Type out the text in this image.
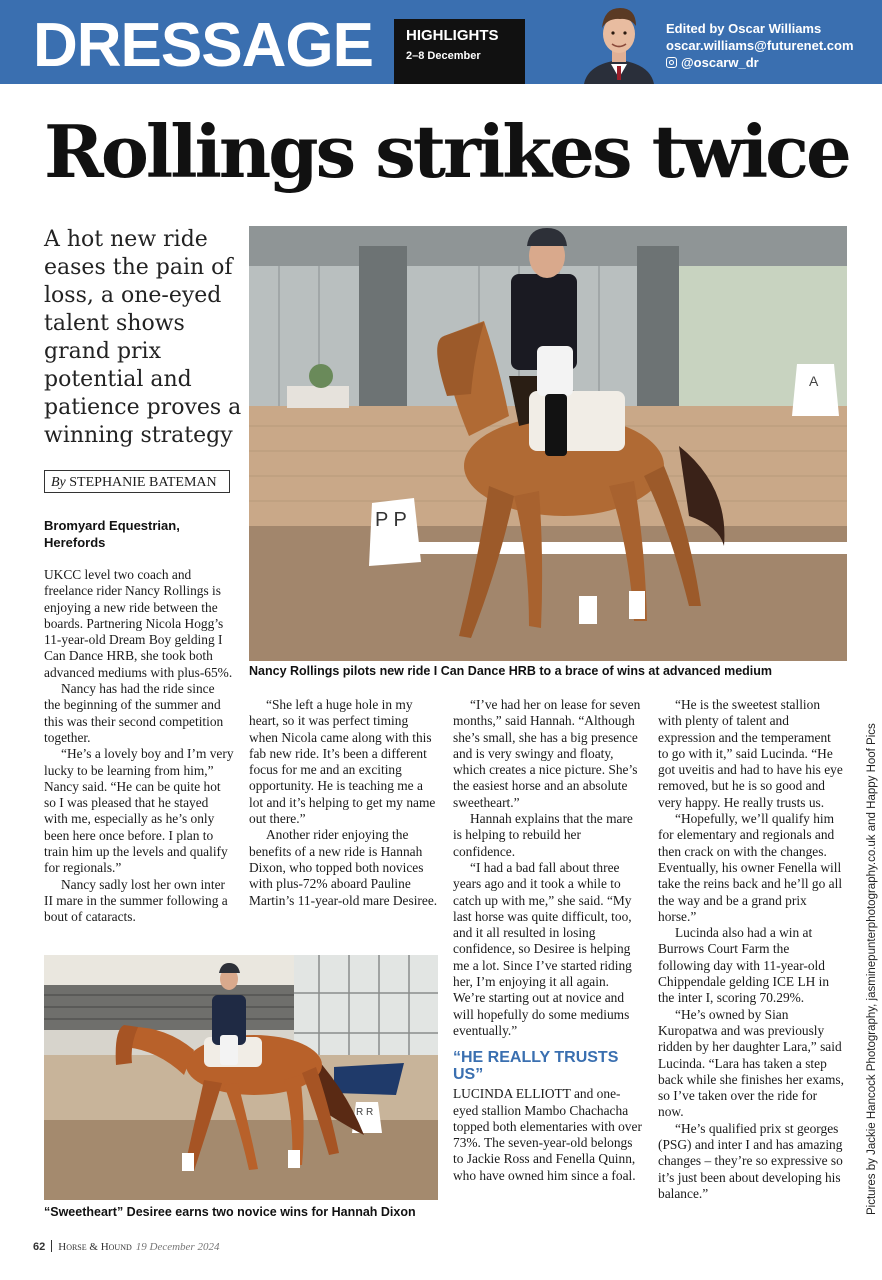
DRESSAGE HIGHLIGHTS
2–8 December
Edited by Oscar Williams
oscar.williams@futurenet.com
@oscarw_dr
Rollings strikes twice
A hot new ride eases the pain of loss, a one-eyed talent shows grand prix potential and patience proves a winning strategy
By STEPHANIE BATEMAN
Bromyard Equestrian, Herefords
P P
A
Nancy Rollings pilots new ride I Can Dance HRB to a brace of wins at advanced medium

UKCC level two coach and freelance rider Nancy Rollings is enjoying a new ride between the boards. Partnering Nicola Hogg’s 11-year-old Dream Boy gelding I Can Dance HRB, she took both advanced mediums with plus-65%.

Nancy has had the ride since the beginning of the summer and this was their second competition together.

“He’s a lovely boy and I’m very lucky to be learning from him,” Nancy said. “He can be quite hot so I was pleased that he stayed with me, especially as he’s only been here once before. I plan to train him up the levels and qualify for regionals.”

Nancy sadly lost her own inter II mare in the summer following a bout of cataracts.

“She left a huge hole in my heart, so it was perfect timing when Nicola came along with this fab new ride. It’s been a different focus for me and an exciting opportunity. He is teaching me a lot and it’s helping to get my name out there.”

Another rider enjoying the benefits of a new ride is Hannah Dixon, who topped both novices with plus-72% aboard Pauline Martin’s 11-year-old mare Desiree.

“I’ve had her on lease for seven months,” said Hannah. “Although she’s small, she has a big presence and is very swingy and floaty, which creates a nice picture. She’s the easiest horse and an absolute sweetheart.”

Hannah explains that the mare is helping to rebuild her confidence.

“I had a bad fall about three years ago and it took a while to catch up with me,” she said. “My last horse was quite difficult, too, and it all resulted in losing confidence, so Desiree is helping me a lot. Since I’ve started riding her, I’m enjoying it all again. We’re starting out at novice and will hopefully do some mediums eventually.”

“HE REALLY TRUSTS US”

LUCINDA ELLIOTT and one-eyed stallion Mambo Chachacha topped both elementaries with over 73%. The seven-year-old belongs to Jackie Ross and Fenella Quinn, who have owned him since a foal.

“He is the sweetest stallion with plenty of talent and expression and the temperament to go with it,” said Lucinda. “He got uveitis and had to have his eye removed, but he is so good and very happy. He really trusts us.

“Hopefully, we’ll qualify him for elementary and regionals and then crack on with the changes. Eventually, his owner Fenella will take the reins back and he’ll go all the way and be a grand prix horse.”

Lucinda also had a win at Burrows Court Farm the following day with 11-year-old Chippendale gelding ICE LH in the inter I, scoring 70.29%.

“He’s owned by Sian Kuropatwa and was previously ridden by her daughter Lara,” said Lucinda. “Lara has taken a step back while she finishes her exams, so I’ve taken over the ride for now.

“He’s qualified prix st georges (PSG) and inter I and has amazing changes – they’re so expressive so it’s just been about developing his balance.”

R R
“Sweetheart” Desiree earns two novice wins for Hannah Dixon	Pictures by Jackie Hancock Photography, jasminepunterphotography.co.uk and Happy Hoof Pics
62 Horse & Hound 19 December 2024
